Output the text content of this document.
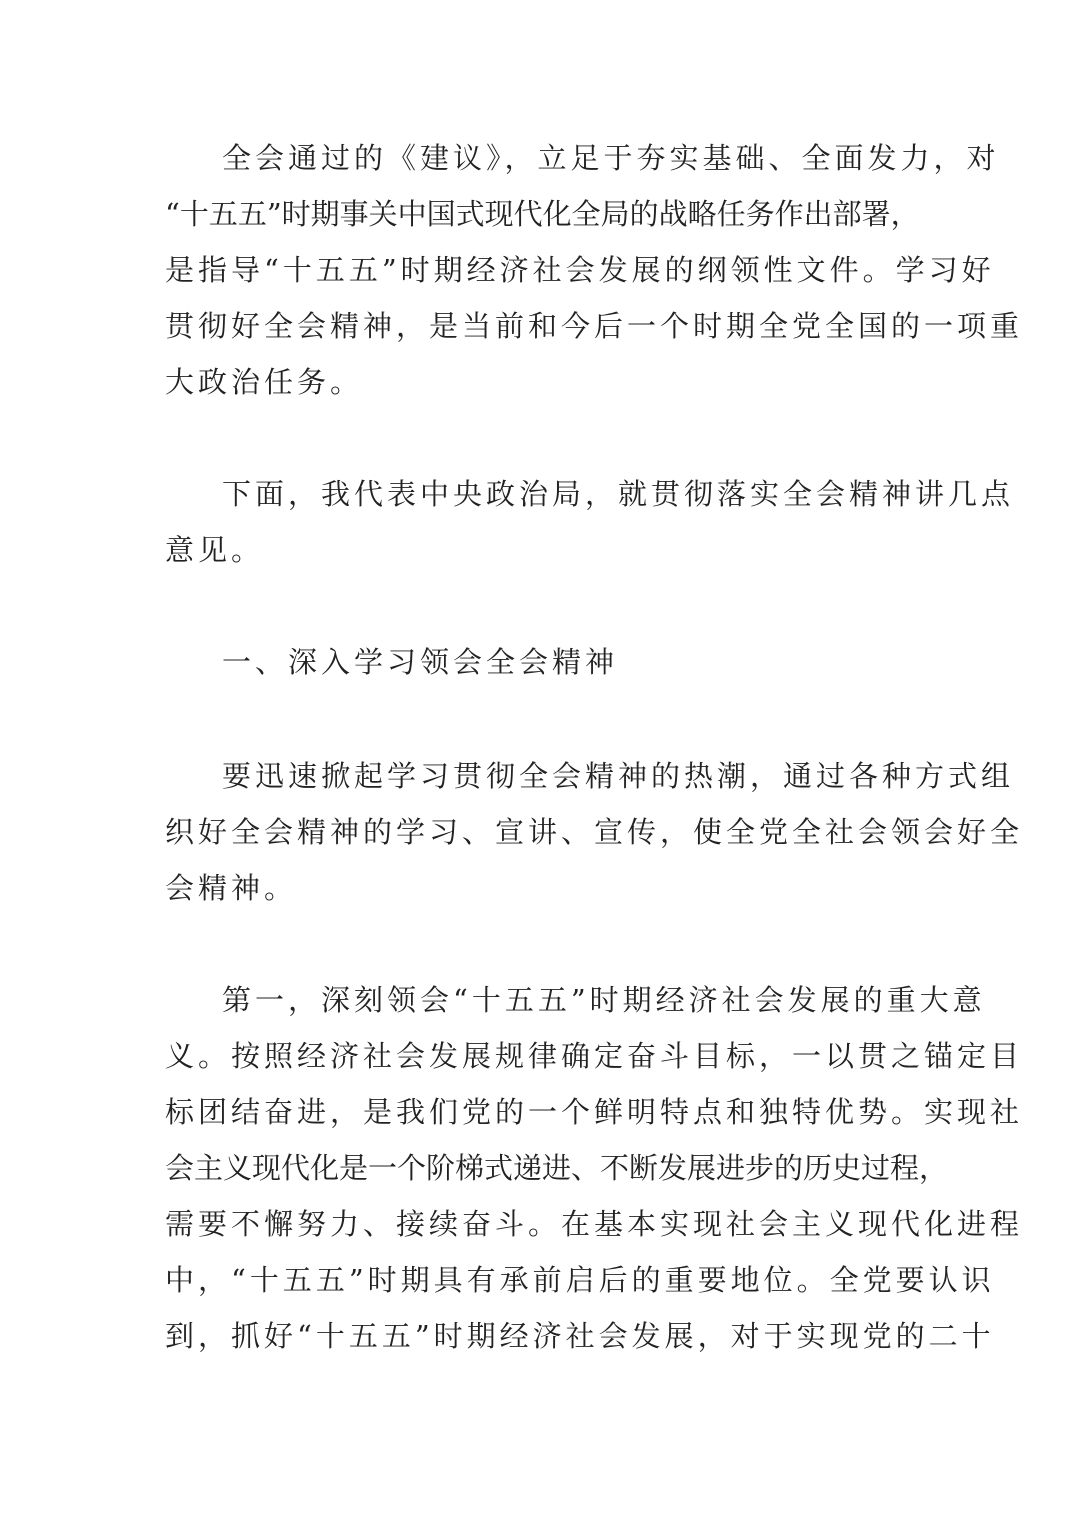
全会通过的《建议》，立足于夯实基础、全面发力，对
“十五五”时期事关中国式现代化全局的战略任务作出部署，
是指导“十五五”时期经济社会发展的纲领性文件。学习好
贯彻好全会精神，是当前和今后一个时期全党全国的一项重
大政治任务。
下面，我代表中央政治局，就贯彻落实全会精神讲几点
意见。
一、深入学习领会全会精神
要迅速掀起学习贯彻全会精神的热潮，通过各种方式组
织好全会精神的学习、宣讲、宣传，使全党全社会领会好全
会精神。
第一，深刻领会“十五五”时期经济社会发展的重大意
义。按照经济社会发展规律确定奋斗目标，一以贯之锚定目
标团结奋进，是我们党的一个鲜明特点和独特优势。实现社
会主义现代化是一个阶梯式递进、不断发展进步的历史过程，
需要不懈努力、接续奋斗。在基本实现社会主义现代化进程
中，“十五五”时期具有承前启后的重要地位。全党要认识
到，抓好“十五五”时期经济社会发展，对于实现党的二十
